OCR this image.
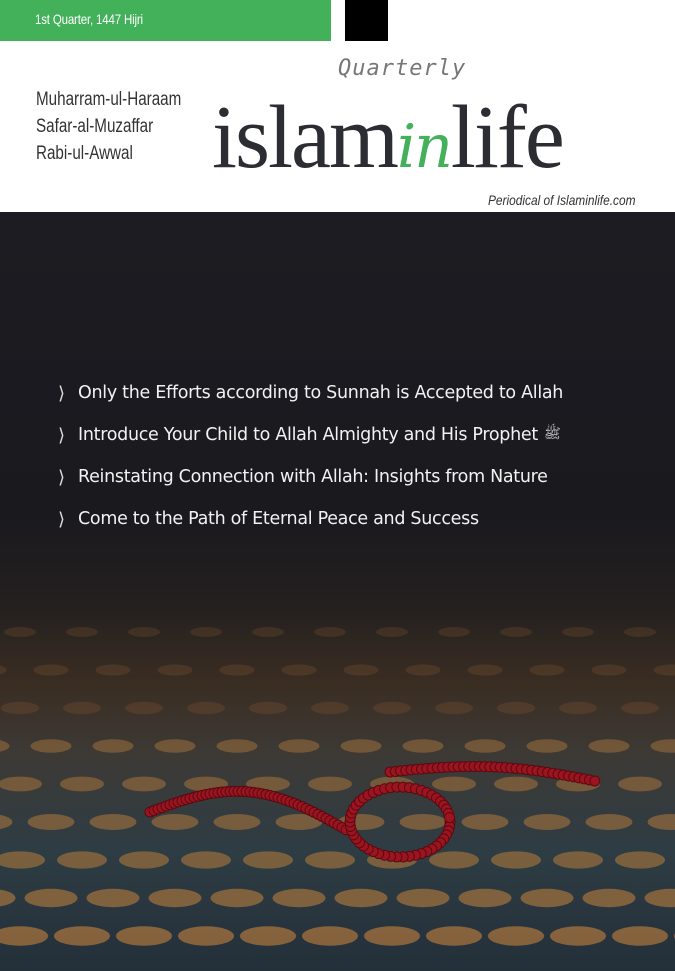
1st Quarter, 1447 Hijri
Muharram-ul-Haraam
Safar-al-Muzaffar
Rabi-ul-Awwal
Quarterly
islaminlife
Periodical of Islaminlife.com
⟩ Only the Efforts according to Sunnah is Accepted to Allah
⟩ Introduce Your Child to Allah Almighty and His Prophet ﷺ
⟩ Reinstating Connection with Allah: Insights from Nature
⟩ Come to the Path of Eternal Peace and Success
